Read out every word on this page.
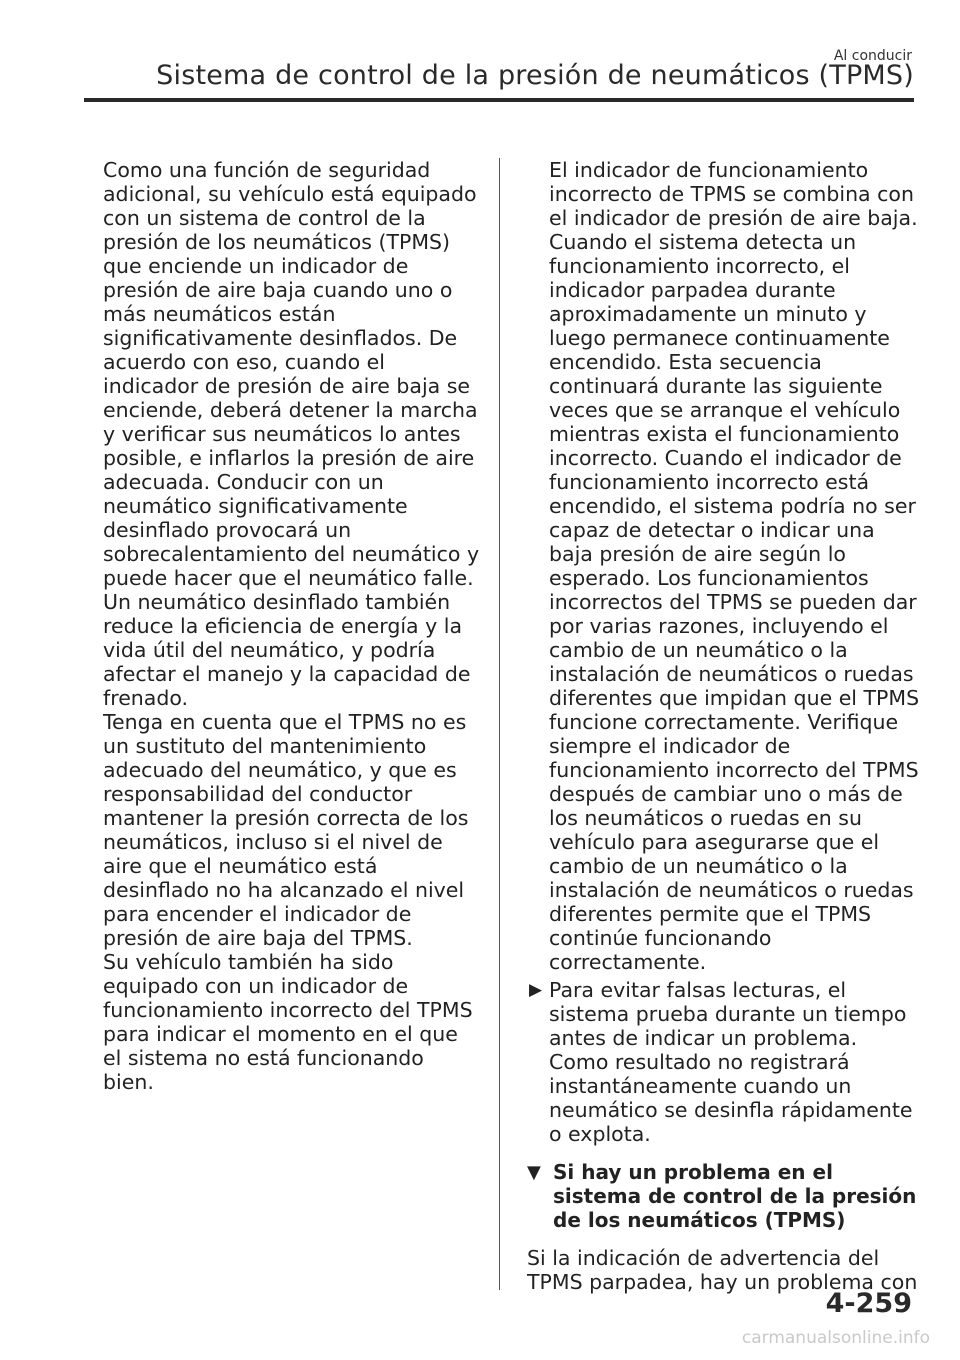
Al conducir
Sistema de control de la presión de neumáticos (TPMS)

Como una función de seguridad adicional, su vehículo está equipado con un sistema de control de la presión de los neumáticos (TPMS) que enciende un indicador de presión de aire baja cuando uno o más neumáticos están significativamente desinflados. De acuerdo con eso, cuando el indicador de presión de aire baja se enciende, deberá detener la marcha y verificar sus neumáticos lo antes posible, e inflarlos la presión de aire adecuada. Conducir con un neumático significativamente desinflado provocará un sobrecalentamiento del neumático y puede hacer que el neumático falle. Un neumático desinflado también reduce la eficiencia de energía y la vida útil del neumático, y podría afectar el manejo y la capacidad de frenado.

Tenga en cuenta que el TPMS no es un sustituto del mantenimiento adecuado del neumático, y que es responsabilidad del conductor mantener la presión correcta de los neumáticos, incluso si el nivel de aire que el neumático está desinflado no ha alcanzado el nivel para encender el indicador de presión de aire baja del TPMS.

Su vehículo también ha sido equipado con un indicador de funcionamiento incorrecto del TPMS para indicar el momento en el que el sistema no está funcionando bien.

El indicador de funcionamiento incorrecto de TPMS se combina con el indicador de presión de aire baja. Cuando el sistema detecta un funcionamiento incorrecto, el indicador parpadea durante aproximadamente un minuto y luego permanece continuamente encendido. Esta secuencia continuará durante las siguiente veces que se arranque el vehículo mientras exista el funcionamiento incorrecto. Cuando el indicador de funcionamiento incorrecto está encendido, el sistema podría no ser capaz de detectar o indicar una baja presión de aire según lo esperado. Los funcionamientos incorrectos del TPMS se pueden dar por varias razones, incluyendo el cambio de un neumático o la instalación de neumáticos o ruedas diferentes que impidan que el TPMS funcione correctamente. Verifique siempre el indicador de funcionamiento incorrecto del TPMS después de cambiar uno o más de los neumáticos o ruedas en su vehículo para asegurarse que el cambio de un neumático o la instalación de neumáticos o ruedas diferentes permite que el TPMS continúe funcionando correctamente.

▶ Para evitar falsas lecturas, el sistema prueba durante un tiempo antes de indicar un problema. Como resultado no registrará instantáneamente cuando un neumático se desinfla rápidamente o explota.

▼ Si hay un problema en el sistema de control de la presión de los neumáticos (TPMS)

Si la indicación de advertencia del TPMS parpadea, hay un problema con

4-259
carmanualsonline.info
